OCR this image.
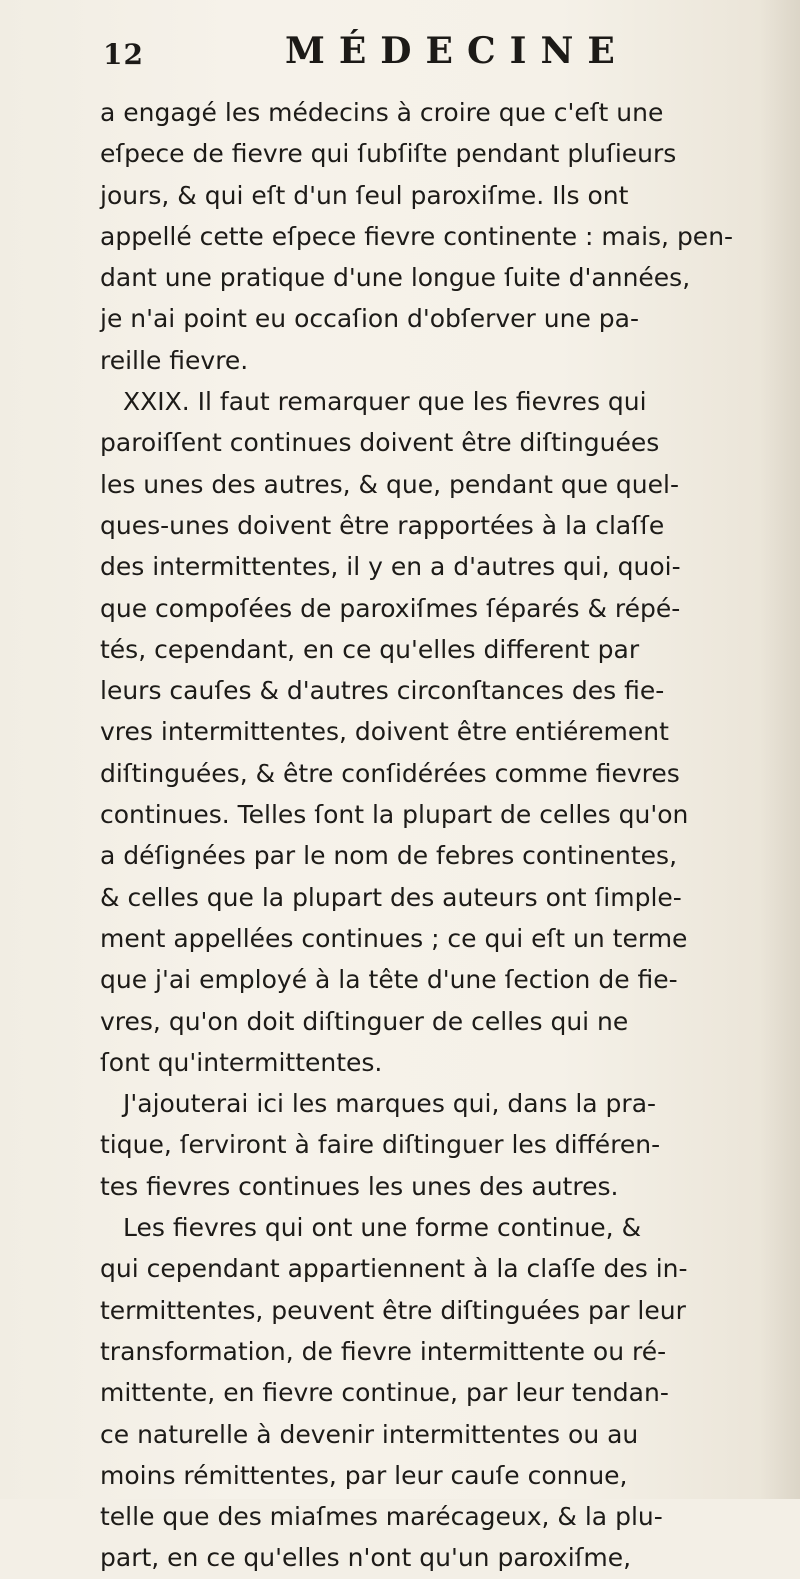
12	MÉDECINE
a engagé les médecins à croire que c'eſt une
eſpece de fievre qui ſubſiſte pendant pluſieurs
jours, & qui eſt d'un ſeul paroxiſme. Ils ont
appellé cette eſpece fievre continente : mais, pen-
dant une pratique d'une longue ſuite d'années,
je n'ai point eu occaſion d'obſerver une pa-
reille fievre.
XXIX. Il faut remarquer que les fievres qui
paroiſſent continues doivent être diſtinguées
les unes des autres, & que, pendant que quel-
ques-unes doivent être rapportées à la claſſe
des intermittentes, il y en a d'autres qui, quoi-
que compoſées de paroxiſmes ſéparés & répé-
tés, cependant, en ce qu'elles different par
leurs cauſes & d'autres circonſtances des fie-
vres intermittentes, doivent être entiérement
diſtinguées, & être conſidérées comme fievres
continues. Telles ſont la plupart de celles qu'on
a déſignées par le nom de febres continentes,
& celles que la plupart des auteurs ont ſimple-
ment appellées continues ; ce qui eſt un terme
que j'ai employé à la tête d'une ſection de fie-
vres, qu'on doit diſtinguer de celles qui ne
ſont qu'intermittentes.
J'ajouterai ici les marques qui, dans la pra-
tique, ſerviront à faire diſtinguer les différen-
tes fievres continues les unes des autres.
Les fievres qui ont une forme continue, &
qui cependant appartiennent à la claſſe des in-
termittentes, peuvent être diſtinguées par leur
transformation, de fievre intermittente ou ré-
mittente, en fievre continue, par leur tendan-
ce naturelle à devenir intermittentes ou au
moins rémittentes, par leur cauſe connue,
telle que des miaſmes marécageux, & la plu-
part, en ce qu'elles n'ont qu'un paroxiſme,
